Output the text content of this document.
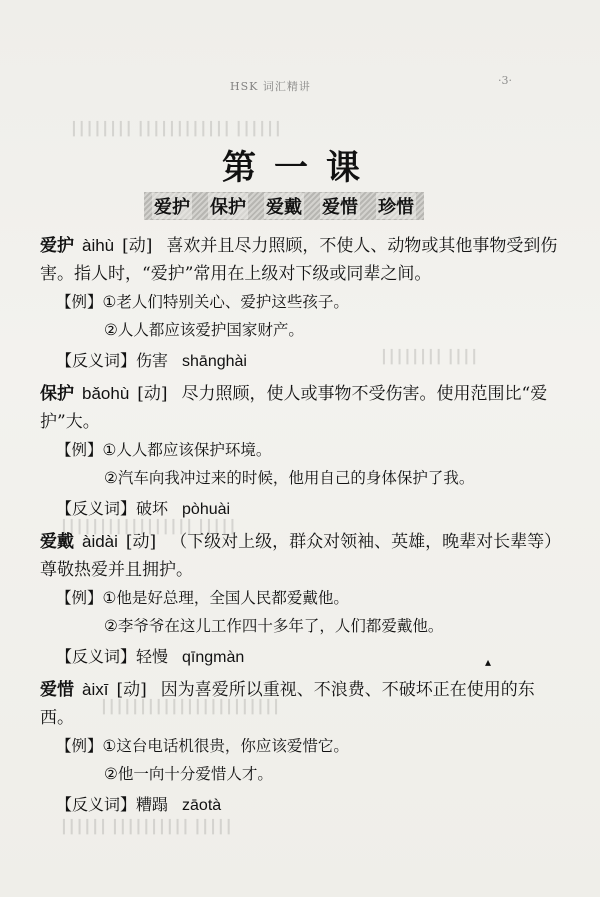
┃┃┃┃┃┃ ┃┃┃┃┃┃┃┃┃┃┃┃ ┃┃┃┃┃┃┃┃
┃┃┃┃ ┃┃┃┃┃┃┃┃
┃┃┃┃┃ ┃┃┃┃┃┃┃┃┃┃┃┃┃┃┃┃┃
┃┃┃┃┃┃┃┃┃┃┃┃┃┃┃┃┃┃┃┃┃┃┃
┃┃┃┃┃ ┃┃┃┃┃┃┃┃┃┃ ┃┃┃┃┃┃
HSK 词汇精讲	·3·
第一课
爱护 保护 爱戴 爱惜 珍惜
爱护 àihù [动] 喜欢并且尽力照顾，不使人、动物或其他事物受到伤害。指人时，“爱护”常用在上级对下级或同辈之间。
【例】①老人们特别关心、爱护这些孩子。
②人人都应该爱护国家财产。
【反义词】伤害 shānghài
保护 bǎohù [动] 尽力照顾，使人或事物不受伤害。使用范围比“爱护”大。
【例】①人人都应该保护环境。
②汽车向我冲过来的时候，他用自己的身体保护了我。
【反义词】破坏 pòhuài
爱戴 àidài [动] （下级对上级，群众对领袖、英雄，晚辈对长辈等）尊敬热爱并且拥护。
【例】①他是好总理，全国人民都爱戴他。
②李爷爷在这儿工作四十多年了，人们都爱戴他。
【反义词】轻慢 qīngmàn
爱惜 àixī [动] 因为喜爱所以重视、不浪费、不破坏正在使用的东西。
【例】①这台电话机很贵，你应该爱惜它。
②他一向十分爱惜人才。
【反义词】糟蹋 zāotà
▴
